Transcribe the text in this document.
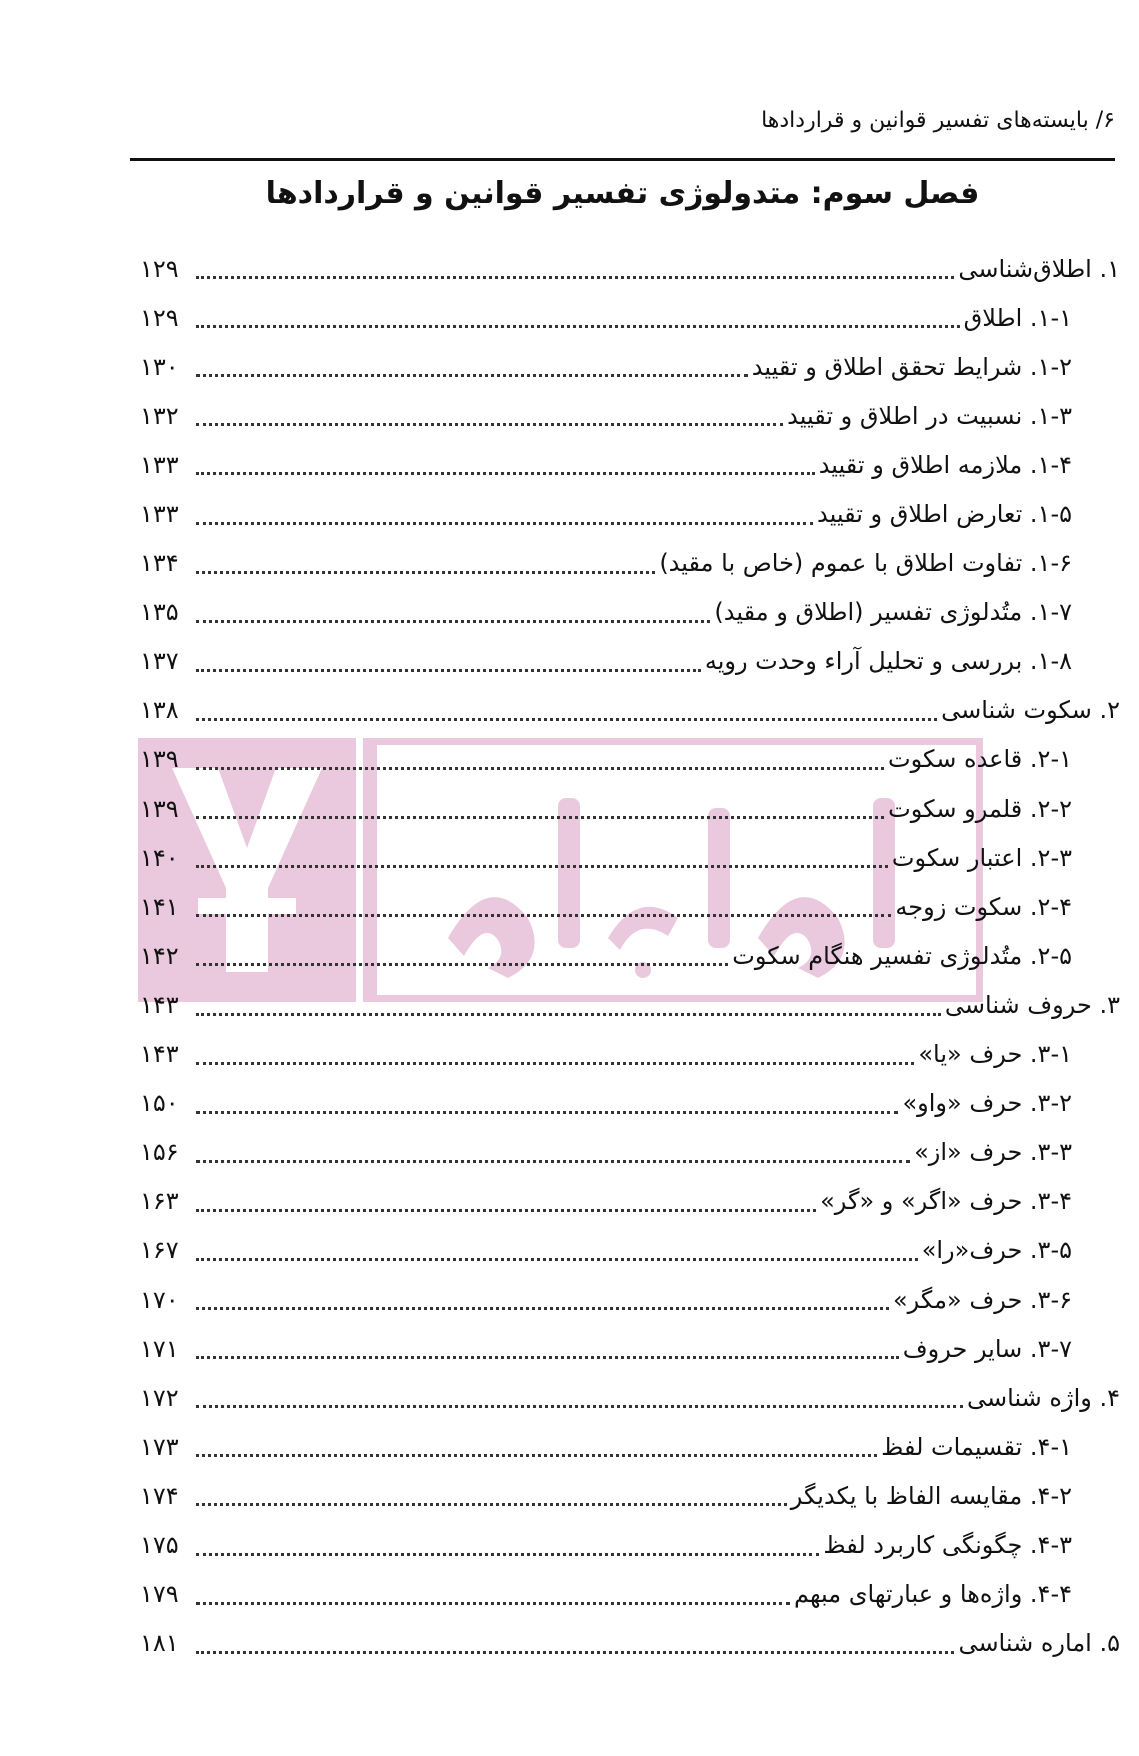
۶/ بایسته‌های تفسیر قوانین و قراردادها
فصل سوم: متدولوژی تفسیر قوانین و قراردادها
۱. اطلاق‌شناسی
۱۲۹
۱-۱. اطلاق
۱۲۹
۱-۲. شرایط تحقق اطلاق و تقیید
۱۳۰
۱-۳. نسبیت در اطلاق و تقیید
۱۳۲
۱-۴. ملازمه اطلاق و تقیید
۱۳۳
۱-۵. تعارض اطلاق و تقیید
۱۳۳
۱-۶. تفاوت اطلاق با عموم (خاص با مقید)
۱۳۴
۱-۷. متُدلوژی تفسیر (اطلاق و مقید)
۱۳۵
۱-۸. بررسی و تحلیل آراء وحدت رویه
۱۳۷
۲. سکوت شناسی
۱۳۸
۲-۱. قاعده سکوت
۱۳۹
۲-۲. قلمرو سکوت
۱۳۹
۲-۳. اعتبار سکوت
۱۴۰
۲-۴. سکوت زوجه
۱۴۱
۲-۵. متُدلوژی تفسیر هنگام سکوت
۱۴۲
۳. حروف شناسی
۱۴۳
۳-۱. حرف «یا»
۱۴۳
۳-۲. حرف «واو»
۱۵۰
۳-۳. حرف «از»
۱۵۶
۳-۴. حرف «اگر» و «گر»
۱۶۳
۳-۵. حرف«را»
۱۶۷
۳-۶. حرف «مگر»
۱۷۰
۳-۷. سایر حروف
۱۷۱
۴. واژه شناسی
۱۷۲
۴-۱. تقسیمات لفظ
۱۷۳
۴-۲. مقایسه الفاظ با یکدیگر
۱۷۴
۴-۳. چگونگی کاربرد لفظ
۱۷۵
۴-۴. واژه‌ها و عبارتهای مبهم
۱۷۹
۵. اماره شناسی
۱۸۱
